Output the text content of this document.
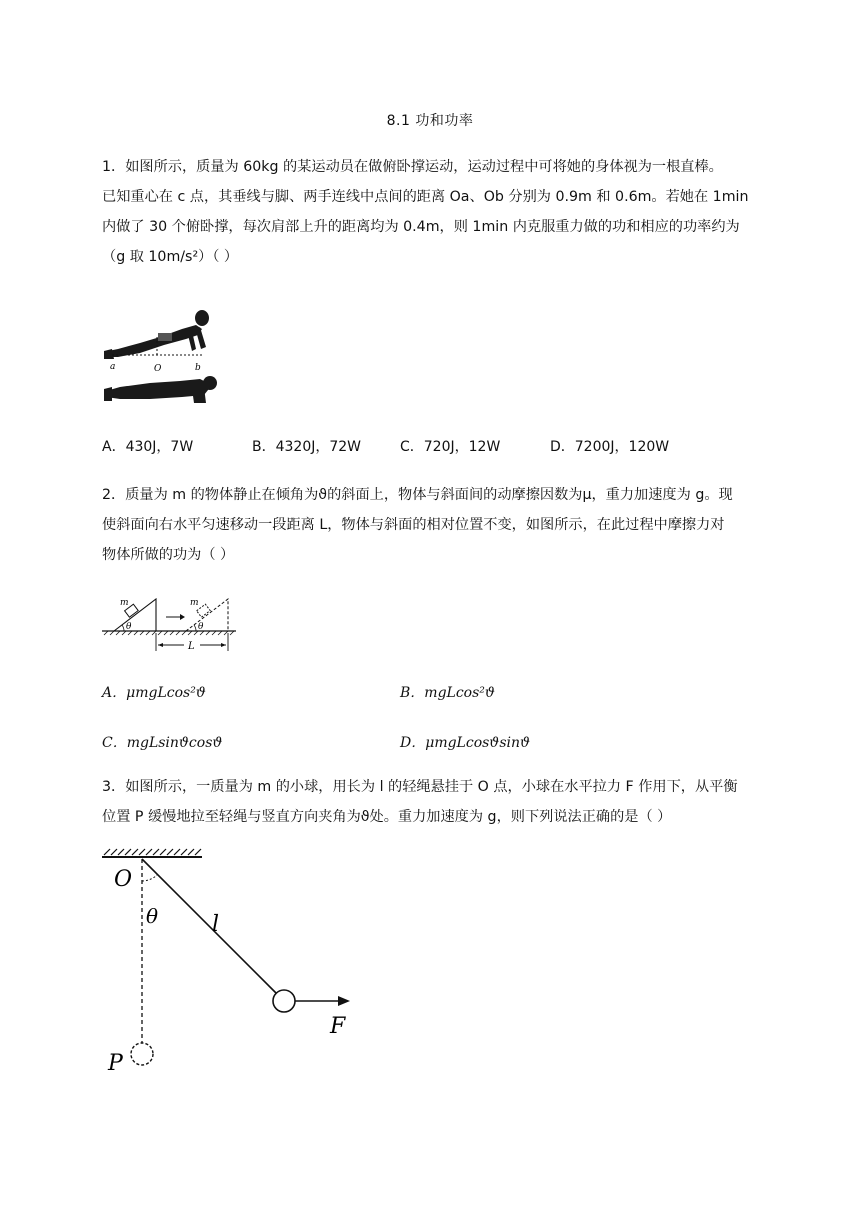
8.1 功和功率

1．如图所示，质量为 60kg 的某运动员在做俯卧撑运动，运动过程中可将她的身体视为一根直棒。

已知重心在 c 点，其垂线与脚、两手连线中点间的距离 Oa、Ob 分别为 0.9m 和 0.6m。若她在 1min

内做了 30 个俯卧撑，每次肩部上升的距离均为 0.4m，则 1min 内克服重力做的功和相应的功率约为

（g 取 10m/s²）（ ）

a	O	b
A．430J，7W	B．4320J，72W	C．720J，12W	D．7200J，120W

2．质量为 m 的物体静止在倾角为ϑ的斜面上，物体与斜面间的动摩擦因数为μ，重力加速度为 g。现

使斜面向右水平匀速移动一段距离 L，物体与斜面的相对位置不变，如图所示，在此过程中摩擦力对

物体所做的功为（ ）

m
θ
m
θ
L
A．μmgLcos²ϑ	B．mgLcos²ϑ
C．mgLsinϑcosϑ	D．μmgLcosϑsinϑ

3．如图所示，一质量为 m 的小球，用长为 l 的轻绳悬挂于 O 点，小球在水平拉力 F 作用下，从平衡

位置 P 缓慢地拉至轻绳与竖直方向夹角为ϑ处。重力加速度为 g，则下列说法正确的是（ ）

O
θ l
F
P
